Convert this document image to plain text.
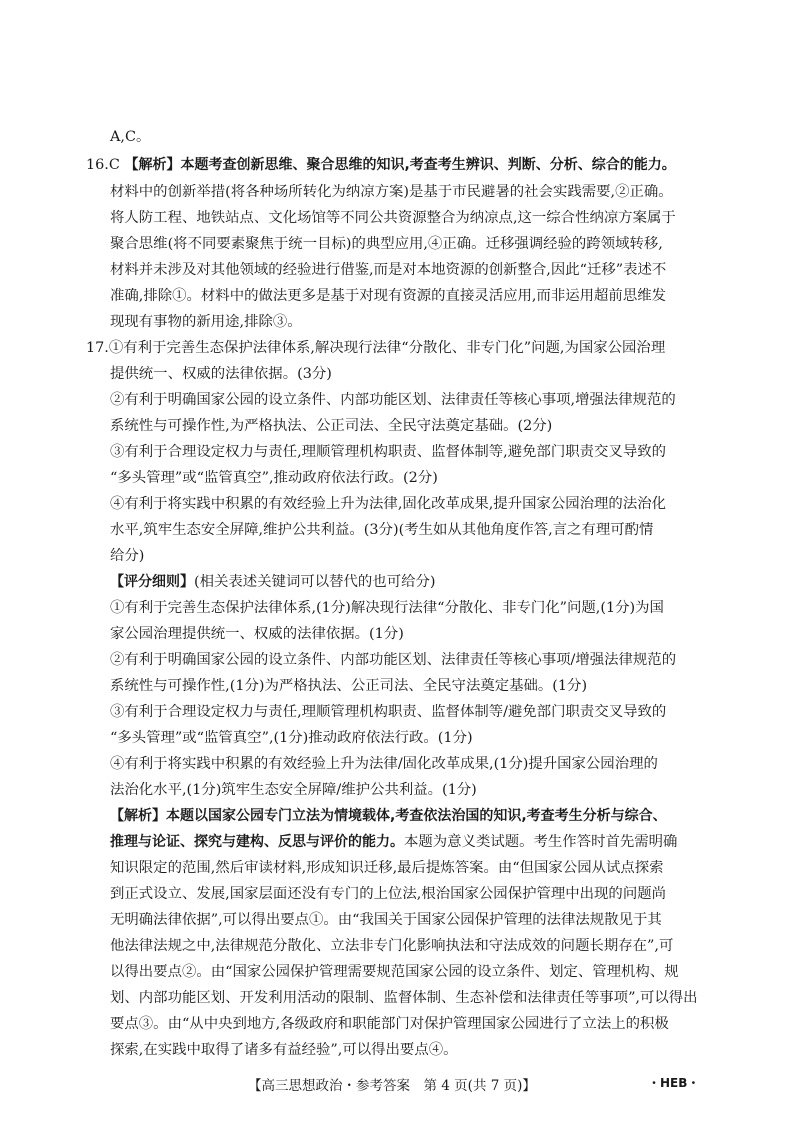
A,C。
16.C 【解析】本题考查创新思维、聚合思维的知识,考查考生辨识、判断、分析、综合的能力。
材料中的创新举措(将各种场所转化为纳凉方案)是基于市民避暑的社会实践需要,②正确。
将人防工程、地铁站点、文化场馆等不同公共资源整合为纳凉点,这一综合性纳凉方案属于
聚合思维(将不同要素聚焦于统一目标)的典型应用,④正确。迁移强调经验的跨领域转移,
材料并未涉及对其他领域的经验进行借鉴,而是对本地资源的创新整合,因此“迁移”表述不
准确,排除①。材料中的做法更多是基于对现有资源的直接灵活应用,而非运用超前思维发
现现有事物的新用途,排除③。
17.①有利于完善生态保护法律体系,解决现行法律“分散化、非专门化”问题,为国家公园治理
提供统一、权威的法律依据。(3分)
②有利于明确国家公园的设立条件、内部功能区划、法律责任等核心事项,增强法律规范的
系统性与可操作性,为严格执法、公正司法、全民守法奠定基础。(2分)
③有利于合理设定权力与责任,理顺管理机构职责、监督体制等,避免部门职责交叉导致的
“多头管理”或“监管真空”,推动政府依法行政。(2分)
④有利于将实践中积累的有效经验上升为法律,固化改革成果,提升国家公园治理的法治化
水平,筑牢生态安全屏障,维护公共利益。(3分)(考生如从其他角度作答,言之有理可酌情
给分)
【评分细则】(相关表述关键词可以替代的也可给分)
①有利于完善生态保护法律体系,(1分)解决现行法律“分散化、非专门化”问题,(1分)为国
家公园治理提供统一、权威的法律依据。(1分)
②有利于明确国家公园的设立条件、内部功能区划、法律责任等核心事项/增强法律规范的
系统性与可操作性,(1分)为严格执法、公正司法、全民守法奠定基础。(1分)
③有利于合理设定权力与责任,理顺管理机构职责、监督体制等/避免部门职责交叉导致的
“多头管理”或“监管真空”,(1分)推动政府依法行政。(1分)
④有利于将实践中积累的有效经验上升为法律/固化改革成果,(1分)提升国家公园治理的
法治化水平,(1分)筑牢生态安全屏障/维护公共利益。(1分)
【解析】本题以国家公园专门立法为情境载体,考查依法治国的知识,考查考生分析与综合、
推理与论证、探究与建构、反思与评价的能力。本题为意义类试题。考生作答时首先需明确
知识限定的范围,然后审读材料,形成知识迁移,最后提炼答案。由“但国家公园从试点探索
到正式设立、发展,国家层面还没有专门的上位法,根治国家公园保护管理中出现的问题尚
无明确法律依据”,可以得出要点①。由“我国关于国家公园保护管理的法律法规散见于其
他法律法规之中,法律规范分散化、立法非专门化影响执法和守法成效的问题长期存在”,可
以得出要点②。由“国家公园保护管理需要规范国家公园的设立条件、划定、管理机构、规
划、内部功能区划、开发利用活动的限制、监督体制、生态补偿和法律责任等事项”,可以得出
要点③。由“从中央到地方,各级政府和职能部门对保护管理国家公园进行了立法上的积极
探索,在实践中取得了诸多有益经验”,可以得出要点④。
【高三思想政治・参考答案　第 4 页(共 7 页)】	・HEB・
